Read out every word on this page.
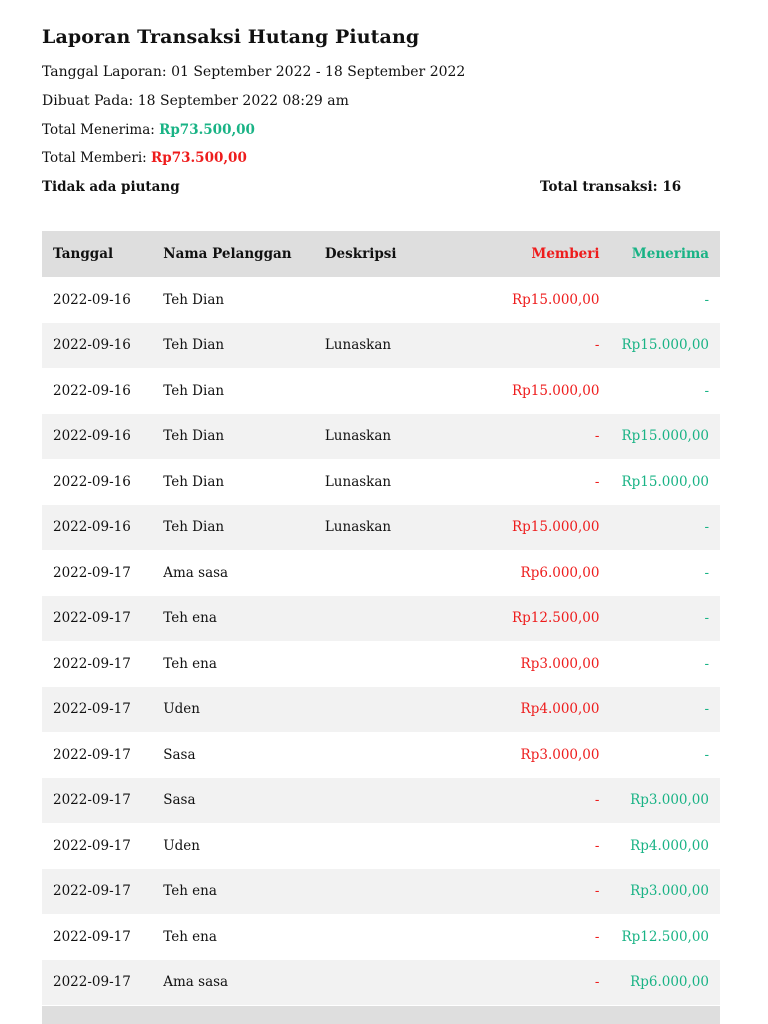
Laporan Transaksi Hutang Piutang
Tanggal Laporan: 01 September 2022 - 18 September 2022
Dibuat Pada: 18 September 2022 08:29 am
Total Menerima: Rp73.500,00
Total Memberi: Rp73.500,00
Tidak ada piutang	Total transaksi: 16
Tanggal	Nama Pelanggan	Deskripsi	Memberi	Menerima
2022-09-16	Teh Dian		Rp15.000,00	-
2022-09-16	Teh Dian	Lunaskan	-	Rp15.000,00
2022-09-16	Teh Dian		Rp15.000,00	-
2022-09-16	Teh Dian	Lunaskan	-	Rp15.000,00
2022-09-16	Teh Dian	Lunaskan	-	Rp15.000,00
2022-09-16	Teh Dian	Lunaskan	Rp15.000,00	-
2022-09-17	Ama sasa		Rp6.000,00	-
2022-09-17	Teh ena		Rp12.500,00	-
2022-09-17	Teh ena		Rp3.000,00	-
2022-09-17	Uden		Rp4.000,00	-
2022-09-17	Sasa		Rp3.000,00	-
2022-09-17	Sasa		-	Rp3.000,00
2022-09-17	Uden		-	Rp4.000,00
2022-09-17	Teh ena		-	Rp3.000,00
2022-09-17	Teh ena		-	Rp12.500,00
2022-09-17	Ama sasa		-	Rp6.000,00
